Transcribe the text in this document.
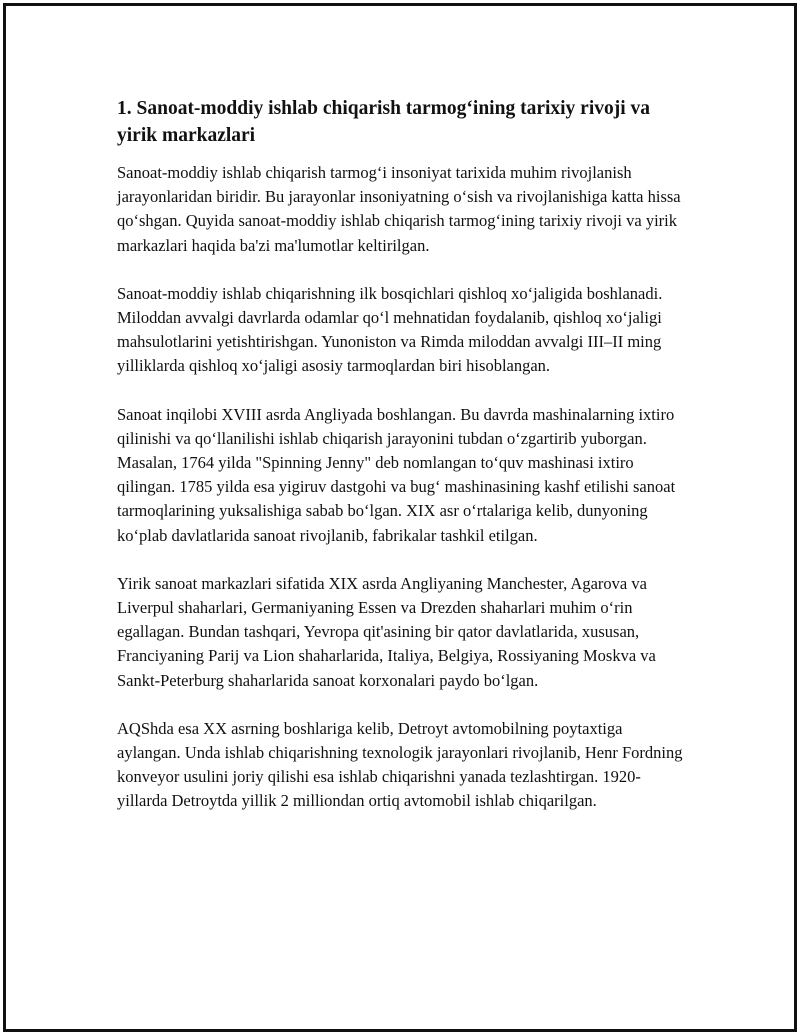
1. Sanoat-moddiy ishlab chiqarish tarmog‘ining tarixiy rivoji va yirik markazlari

Sanoat-moddiy ishlab chiqarish tarmog‘i insoniyat tarixida muhim rivojlanish jarayonlaridan biridir. Bu jarayonlar insoniyatning o‘sish va rivojlanishiga katta hissa qo‘shgan. Quyida sanoat-moddiy ishlab chiqarish tarmog‘ining tarixiy rivoji va yirik markazlari haqida ba'zi ma'lumotlar keltirilgan.

Sanoat-moddiy ishlab chiqarishning ilk bosqichlari qishloq xo‘jaligida boshlanadi. Miloddan avvalgi davrlarda odamlar qo‘l mehnatidan foydalanib, qishloq xo‘jaligi mahsulotlarini yetishtirishgan. Yunoniston va Rimda miloddan avvalgi III–II ming yilliklarda qishloq xo‘jaligi asosiy tarmoqlardan biri hisoblangan.

Sanoat inqilobi XVIII asrda Angliyada boshlangan. Bu davrda mashinalarning ixtiro qilinishi va qo‘llanilishi ishlab chiqarish jarayonini tubdan o‘zgartirib yuborgan. Masalan, 1764 yilda "Spinning Jenny" deb nomlangan to‘quv mashinasi ixtiro qilingan. 1785 yilda esa yigiruv dastgohi va bug‘ mashinasining kashf etilishi sanoat tarmoqlarining yuksalishiga sabab bo‘lgan. XIX asr o‘rtalariga kelib, dunyoning ko‘plab davlatlarida sanoat rivojlanib, fabrikalar tashkil etilgan.

Yirik sanoat markazlari sifatida XIX asrda Angliyaning Manchester, Agarova va Liverpul shaharlari, Germaniyaning Essen va Drezden shaharlari muhim o‘rin egallagan. Bundan tashqari, Yevropa qit'asining bir qator davlatlarida, xususan, Franciyaning Parij va Lion shaharlarida, Italiya, Belgiya, Rossiyaning Moskva va Sankt-Peterburg shaharlarida sanoat korxonalari paydo bo‘lgan.

AQShda esa XX asrning boshlariga kelib, Detroyt avtomobilning poytaxtiga aylangan. Unda ishlab chiqarishning texnologik jarayonlari rivojlanib, Henr Fordning konveyor usulini joriy qilishi esa ishlab chiqarishni yanada tezlashtirgan. 1920-yillarda Detroytda yillik 2 milliondan ortiq avtomobil ishlab chiqarilgan.
